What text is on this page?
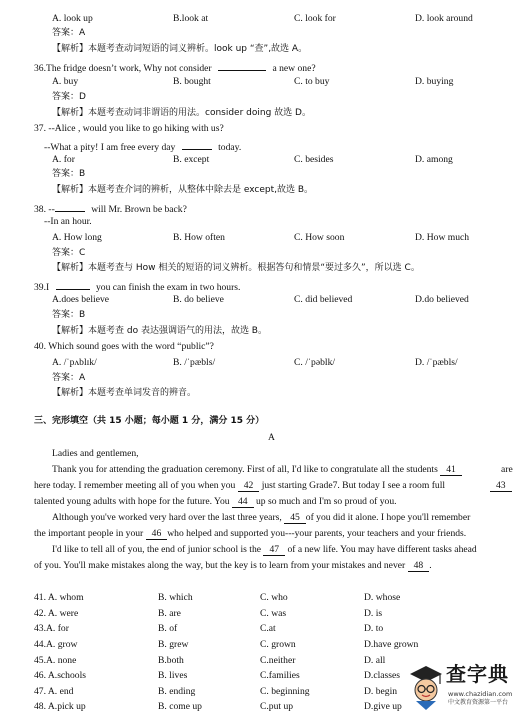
A. look up	B.look at	C. look for	D. look around
答案：A
【解析】本题考查动词短语的词义辨析。look up “查”,故选 A。
36.The fridge doesn’t work, Why not consider	a new one?
A. buy	B. bought	C. to buy	D. buying
答案：D
【解析】本题考查动词非谓语的用法。consider doing 故选 D。
37. --Alice , would you like to go hiking with us?
--What a pity! I am free every day	today.
A. for	B. except	C. besides	D. among
答案：B
【解析】本题考查介词的辨析，从整体中除去是 except,故选 B。
38. --	will Mr. Brown be back?
--In an hour.
A. How long	B. How often	C. How soon	D. How much
答案：C
【解析】本题考查与 How 相关的短语的词义辨析。根据答句和情景“要过多久”，所以选 C。
39.I	you can finish the exam in two hours.
A.does believe	B. do believe	C. did believed	D.do believed
答案：B
【解析】本题考查 do 表达强调语气的用法，故选 B。
40. Which sound goes with the word “public”?
A. /ˈpʌblɪk/	B. /ˈpæbls/	C. /ˈpəblk/	D. /ˈpæbls/
答案：A
【解析】本题考查单词发音的辨音。
三、完形填空（共 15 小题；每小题 1 分，满分 15 分）
A
Ladies and gentlemen,
Thank you for attending the graduation ceremony. First of all, I'd like to congratulate all the students 41	are
here today. I remember meeting all of you when you 42 just starting Grade7. But today I see a room full	43
talented young adults with hope for the future. You 44 up so much and I'm so proud of you.
Although you've worked very hard over the last three years, 45 of you did it alone. I hope you'll remember
the important people in your 46 who helped and supported you---your parents, your teachers and your friends.
I'd like to tell all of you, the end of junior school is the 47 of a new life. You may have different tasks ahead
of you. You'll make mistakes along the way, but the key is to learn from your mistakes and never 48 .
41. A. whom	B. which	C. who	D. whose
42. A. were	B. are	C. was	D. is
43.A. for	B. of	C.at	D. to
44.A. grow	B. grew	C. grown	D.have grown
45.A. none	B.both	C.neither	D. all
46. A.schools	B. lives	C.families	D.classes
47. A. end	B. ending	C. beginning	D. begin
48. A.pick up	B. come up	C.put up	D.give up
查字典
www.chazidian.com
中文教育资源第一平台
